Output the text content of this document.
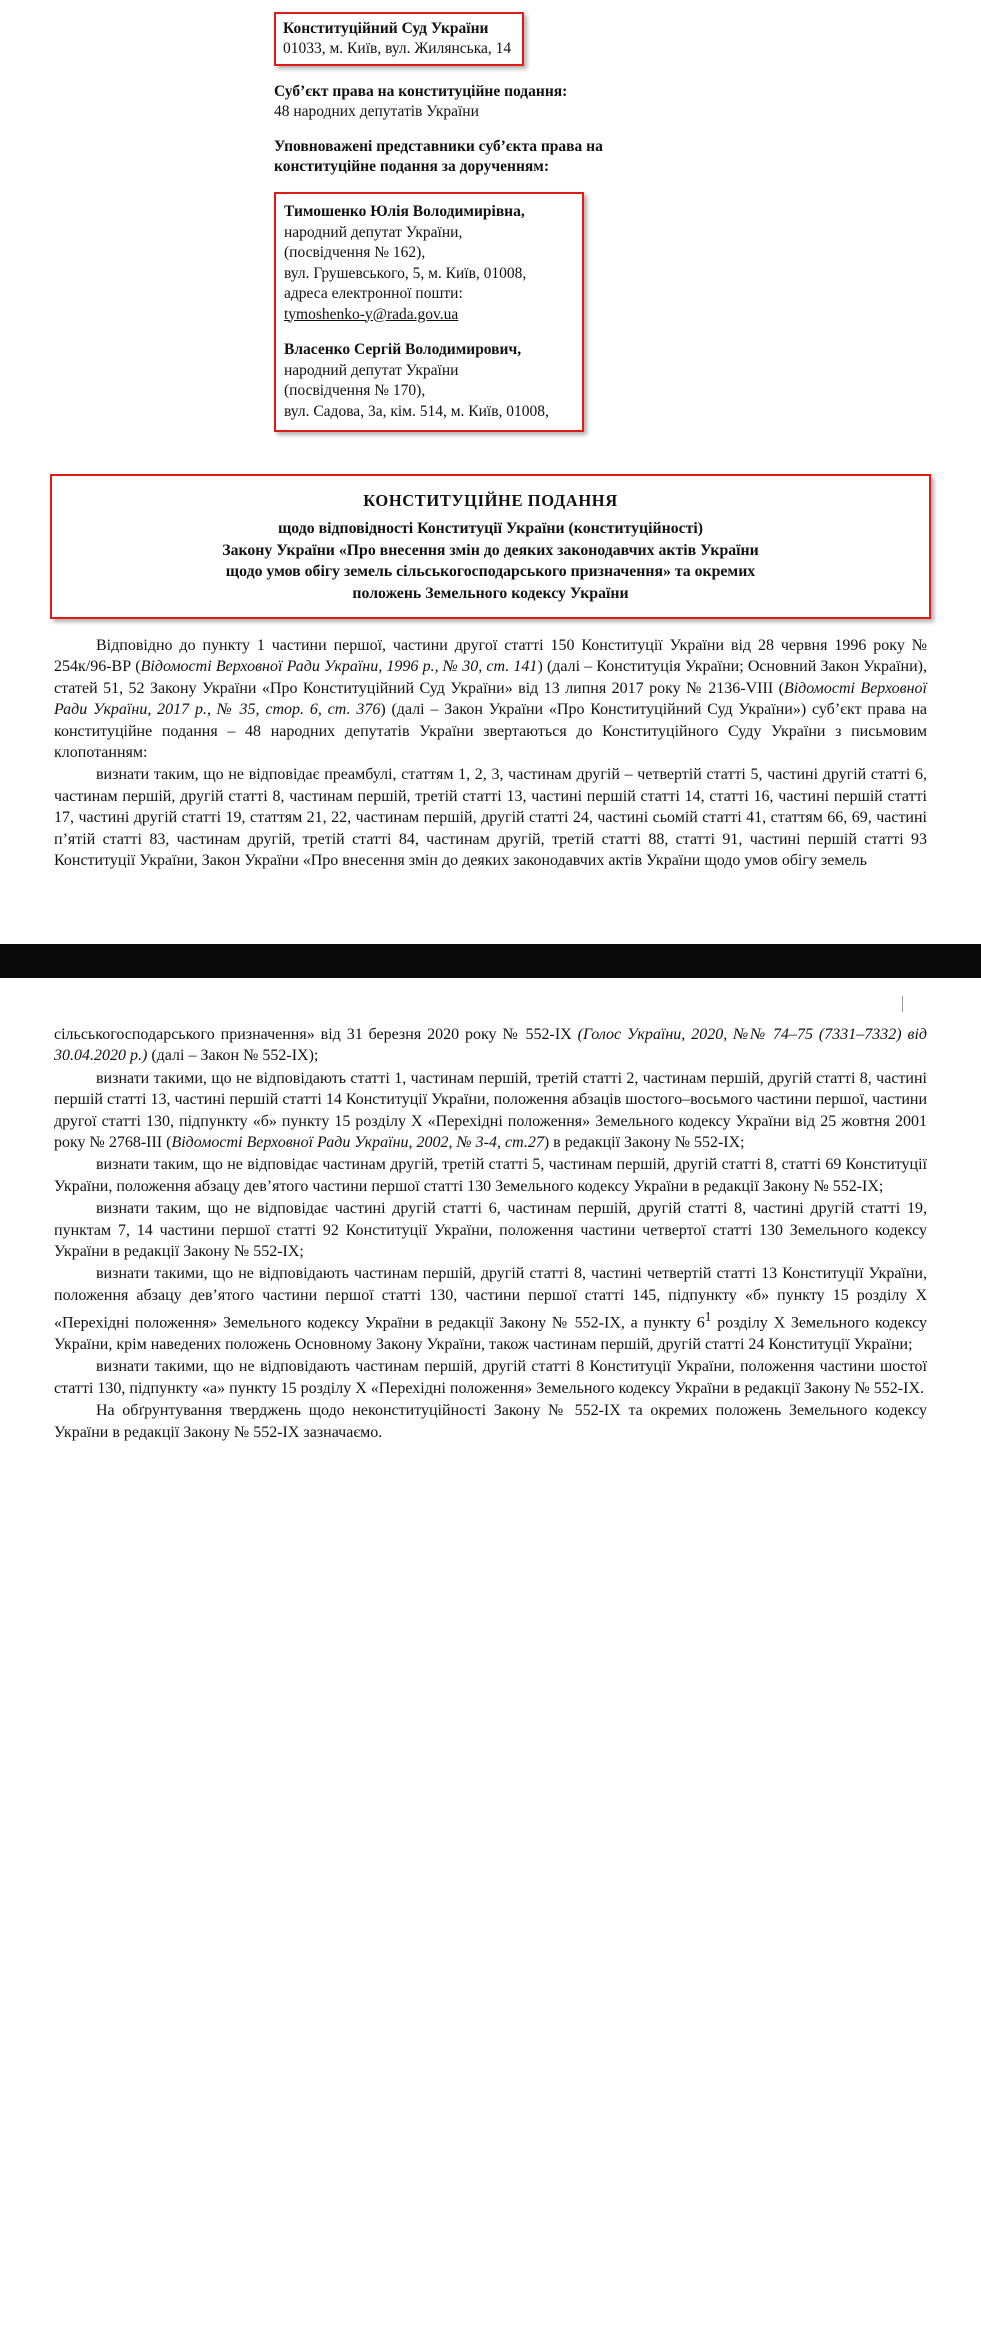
Конституційний Суд України
01033, м. Київ, вул. Жилянська, 14
Суб’єкт права на конституційне подання:
48 народних депутатів України
Уповноважені представники суб’єкта права на
конституційне подання за дорученням:
Тимошенко Юлія Володимирівна,
народний депутат України,
(посвідчення № 162),
вул. Грушевського, 5, м. Київ, 01008,
адреса електронної пошти:
tymoshenko-y@rada.gov.ua
Власенко Сергій Володимирович,
народний депутат України
(посвідчення № 170),
вул. Садова, 3а, кім. 514, м. Київ, 01008,
КОНСТИТУЦІЙНЕ ПОДАННЯ
щодо відповідності Конституції України (конституційності)
Закону України «Про внесення змін до деяких законодавчих актів України
щодо умов обігу земель сільськогосподарського призначення» та окремих
положень Земельного кодексу України

Відповідно до пункту 1 частини першої, частини другої статті 150 Конституції України від 28 червня 1996 року № 254к/96-ВР (Відомості Верховної Ради України, 1996 р., № 30, ст. 141) (далі – Конституція України; Основний Закон України), статей 51, 52 Закону України «Про Конституційний Суд України» від 13 липня 2017 року № 2136-VIII (Відомості Верховної Ради України, 2017 р., № 35, стор. 6, ст. 376) (далі – Закон України «Про Конституційний Суд України») суб’єкт права на конституційне подання – 48 народних депутатів України звертаються до Конституційного Суду України з письмовим клопотанням:

визнати таким, що не відповідає преамбулі, статтям 1, 2, 3, частинам другій – четвертій статті 5, частині другій статті 6, частинам першій, другій статті 8, частинам першій, третій статті 13, частині першій статті 14, статті 16, частині першій статті 17, частині другій статті 19, статтям 21, 22, частинам першій, другій статті 24, частині сьомій статті 41, статтям 66, 69, частині п’ятій статті 83, частинам другій, третій статті 84, частинам другій, третій статті 88, статті 91, частині першій статті 93 Конституції України, Закон України «Про внесення змін до деяких законодавчих актів України щодо умов обігу земель

сільськогосподарського призначення» від 31 березня 2020 року № 552-IX (Голос України, 2020, №№ 74–75 (7331–7332) від 30.04.2020 р.) (далі – Закон № 552-IX);

визнати такими, що не відповідають статті 1, частинам першій, третій статті 2, частинам першій, другій статті 8, частині першій статті 13, частині першій статті 14 Конституції України, положення абзаців шостого–восьмого частини першої, частини другої статті 130, підпункту «б» пункту 15 розділу Х «Перехідні положення» Земельного кодексу України від 25 жовтня 2001 року № 2768-III (Відомості Верховної Ради України, 2002, № 3-4, ст.27) в редакції Закону № 552-IX;

визнати таким, що не відповідає частинам другій, третій статті 5, частинам першій, другій статті 8, статті 69 Конституції України, положення абзацу дев’ятого частини першої статті 130 Земельного кодексу України в редакції Закону № 552-IX;

визнати таким, що не відповідає частині другій статті 6, частинам першій, другій статті 8, частині другій статті 19, пунктам 7, 14 частини першої статті 92 Конституції України, положення частини четвертої статті 130 Земельного кодексу України в редакції Закону № 552-IX;

визнати такими, що не відповідають частинам першій, другій статті 8, частині четвертій статті 13 Конституції України, положення абзацу дев’ятого частини першої статті 130, частини першої статті 145, підпункту «б» пункту 15 розділу Х «Перехідні положення» Земельного кодексу України в редакції Закону № 552-IX, а пункту $6^1$ розділу Х Земельного кодексу України, крім наведених положень Основному Закону України, також частинам першій, другій статті 24 Конституції України;

визнати такими, що не відповідають частинам першій, другій статті 8 Конституції України, положення частини шостої статті 130, підпункту «а» пункту 15 розділу Х «Перехідні положення» Земельного кодексу України в редакції Закону № 552-IX.

На обґрунтування тверджень щодо неконституційності Закону № 552-IX та окремих положень Земельного кодексу України в редакції Закону № 552-IX зазначаємо.
